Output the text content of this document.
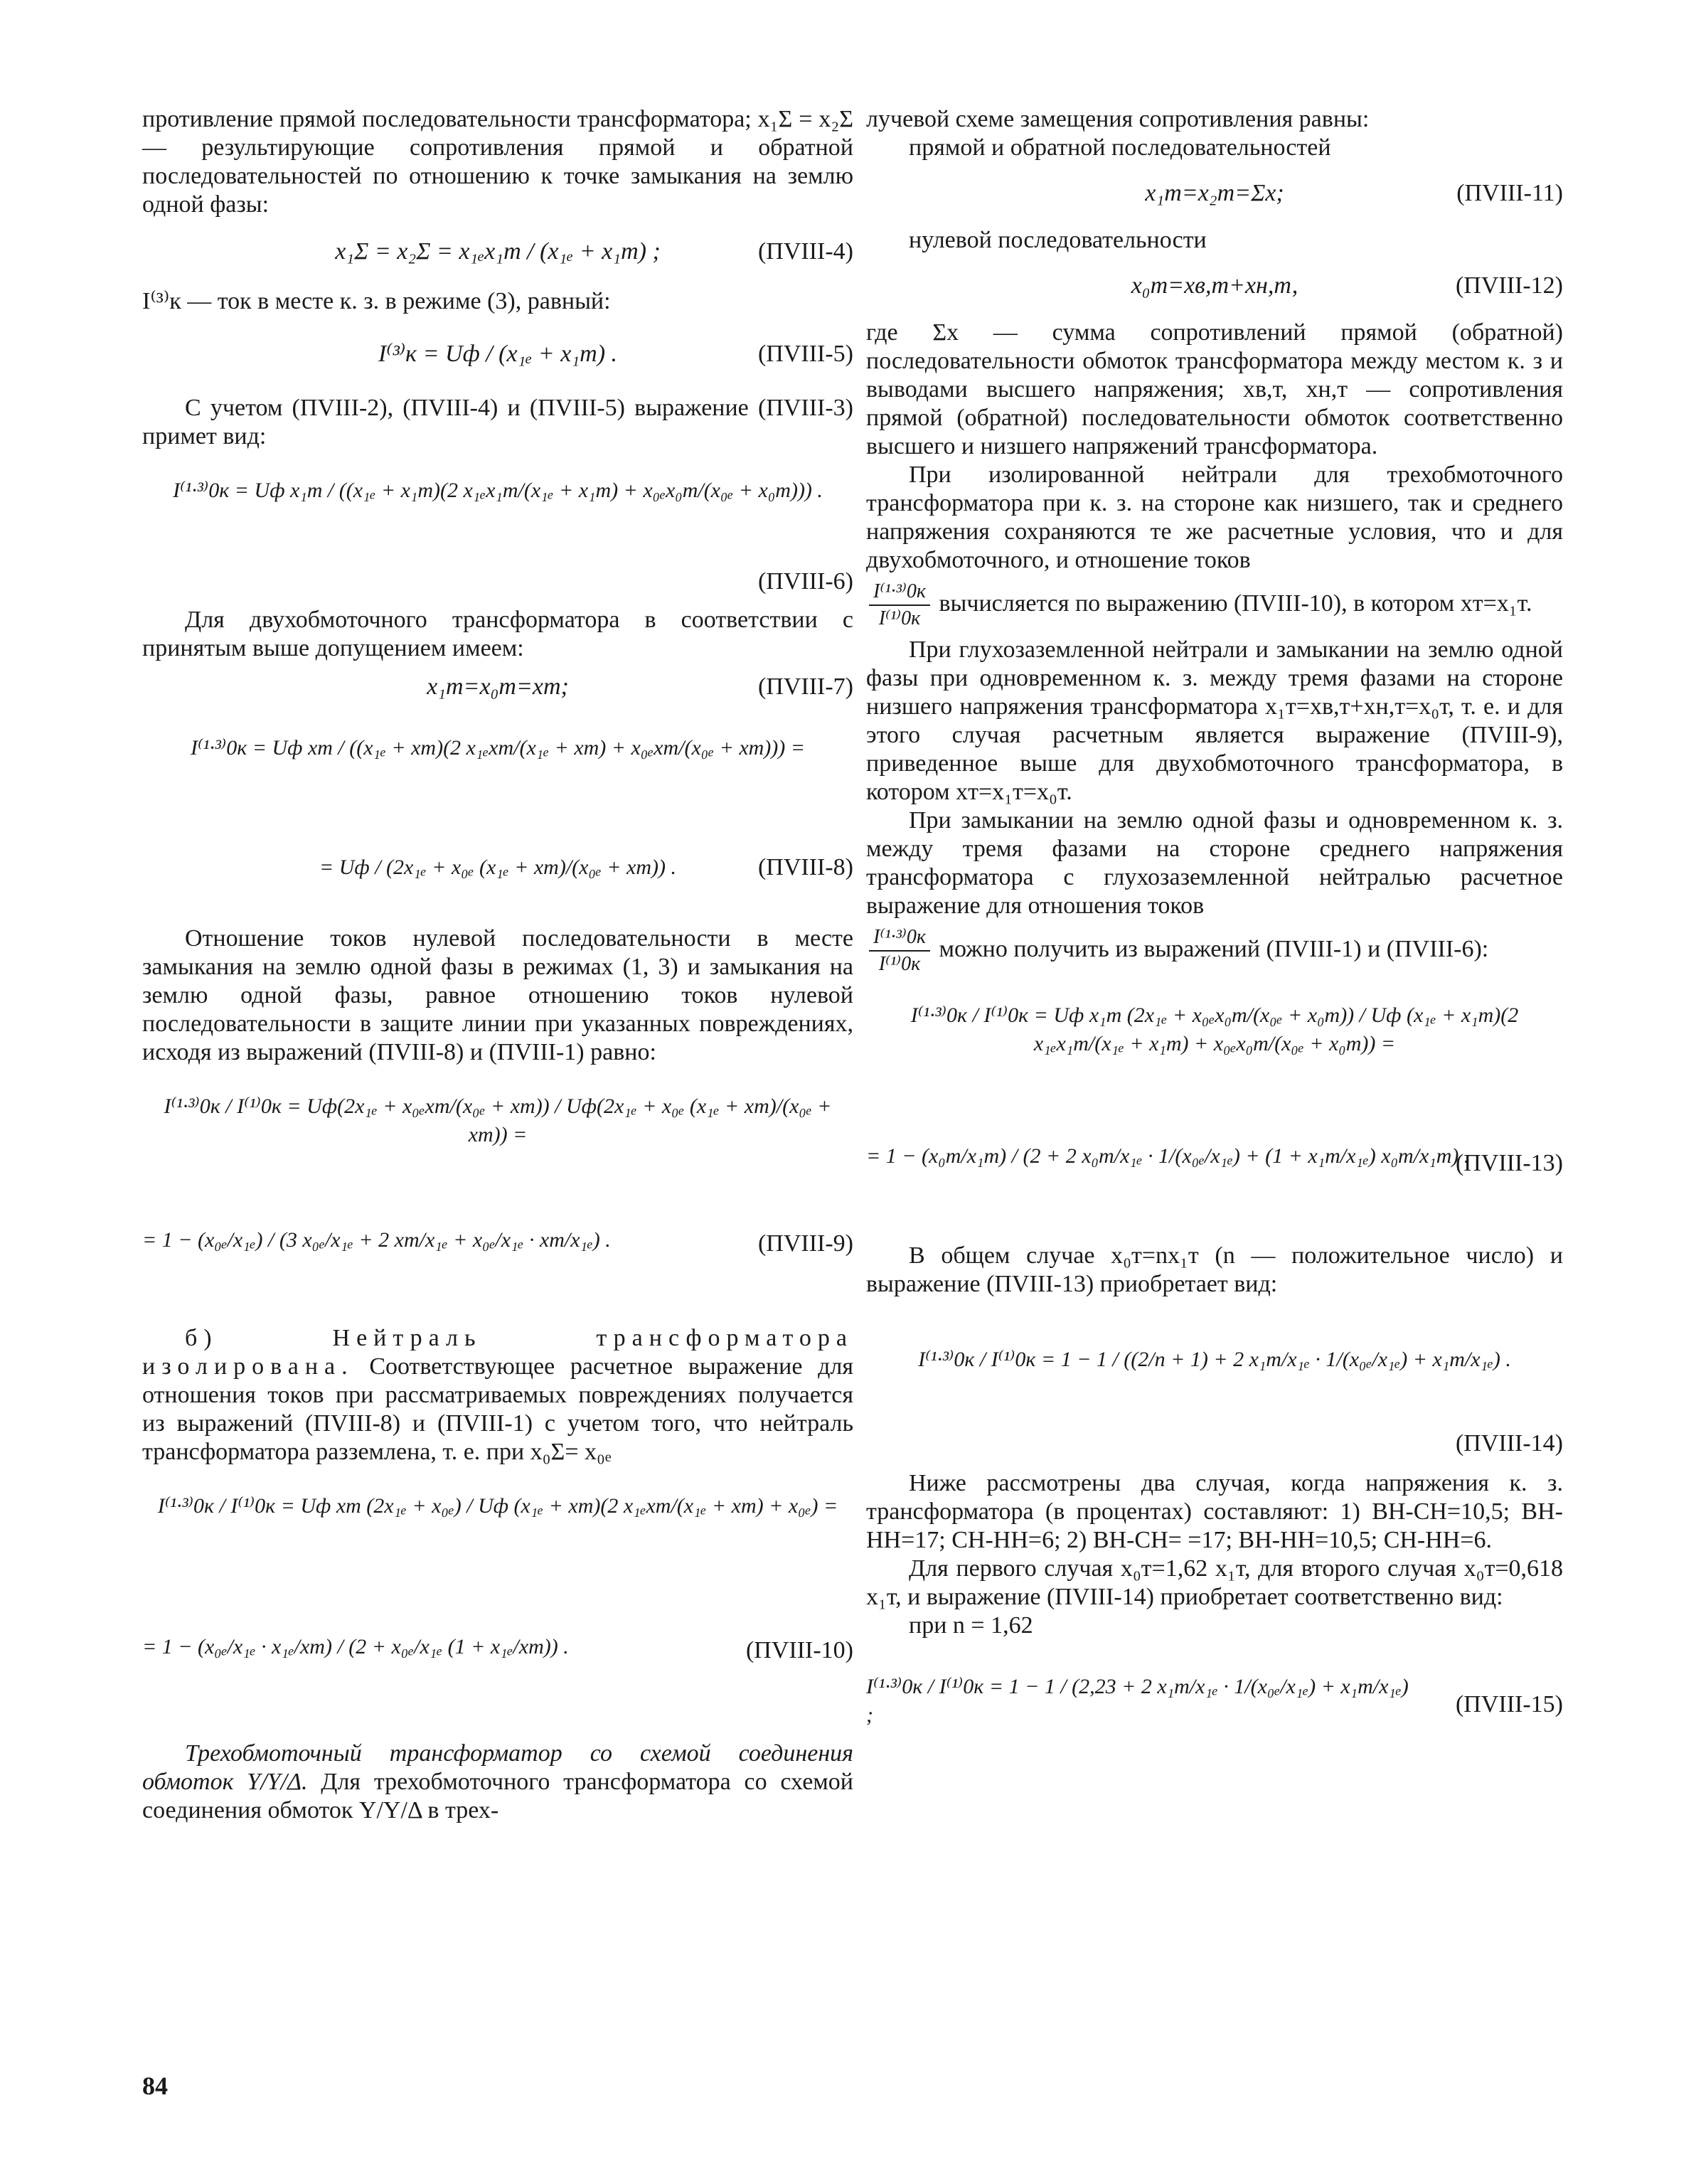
противление прямой последовательности трансформатора; x₁Σ = x₂Σ — результирующие сопротивления прямой и обратной последовательностей по отношению к точке замыкания на землю одной фазы:

x₁Σ = x₂Σ = x₁ₑx₁т / (x₁ₑ + x₁т) ;	(ПVIII-4)

I⁽³⁾к — ток в месте к. з. в режиме (3), равный:

I⁽³⁾к = Uф / (x₁ₑ + x₁т) .	(ПVIII-5)

С учетом (ПVIII-2), (ПVIII-4) и (ПVIII-5) выражение (ПVIII-3) примет вид:

I⁽¹·³⁾0к = Uф x₁т / ((x₁ₑ + x₁т)(2 x₁ₑx₁т/(x₁ₑ + x₁т) + x₀ₑx₀т/(x₀ₑ + x₀т))) .
(ПVIII-6)

Для двухобмоточного трансформатора в соответствии с принятым выше допущением имеем:

x₁т=x₀т=xт;	(ПVIII-7)
I⁽¹·³⁾0к = Uф xт / ((x₁ₑ + xт)(2 x₁ₑxт/(x₁ₑ + xт) + x₀ₑxт/(x₀ₑ + xт))) =
= Uф / (2x₁ₑ + x₀ₑ (x₁ₑ + xт)/(x₀ₑ + xт)) .	(ПVIII-8)

Отношение токов нулевой последовательности в месте замыкания на землю одной фазы в режимах (1, 3) и замыкания на землю одной фазы, равное отношению токов нулевой последовательности в защите линии при указанных повреждениях, исходя из выражений (ПVIII-8) и (ПVIII-1) равно:

I⁽¹·³⁾0к / I⁽¹⁾0к = Uф(2x₁ₑ + x₀ₑxт/(x₀ₑ + xт)) / Uф(2x₁ₑ + x₀ₑ (x₁ₑ + xт)/(x₀ₑ + xт)) =
= 1 − (x₀ₑ/x₁ₑ) / (3 x₀ₑ/x₁ₑ + 2 xт/x₁ₑ + x₀ₑ/x₁ₑ · xт/x₁ₑ) .	(ПVIII-9)

б) Нейтраль трансформатора изолирована. Соответствующее расчетное выражение для отношения токов при рассматриваемых повреждениях получается из выражений (ПVIII-8) и (ПVIII-1) с учетом того, что нейтраль трансформатора разземлена, т. е. при x₀Σ= x₀ₑ

I⁽¹·³⁾0к / I⁽¹⁾0к = Uф xт (2x₁ₑ + x₀ₑ) / Uф (x₁ₑ + xт)(2 x₁ₑxт/(x₁ₑ + xт) + x₀ₑ) =
= 1 − (x₀ₑ/x₁ₑ · x₁ₑ/xт) / (2 + x₀ₑ/x₁ₑ (1 + x₁ₑ/xт)) .	(ПVIII-10)

Трехобмоточный трансформатор со схемой соединения обмоток Y/Y/Δ. Для трехобмоточного трансформатора со схемой соединения обмоток Y/Y/Δ в трех-

лучевой схеме замещения сопротивления равны:

прямой и обратной последовательностей

x₁т=x₂т=Σx;	(ПVIII-11)

нулевой последовательности

x₀т=xв,т+xн,т,	(ПVIII-12)

где Σx — сумма сопротивлений прямой (обратной) последовательности обмоток трансформатора между местом к. з и выводами высшего напряжения; xв,т, xн,т — сопротивления прямой (обратной) последовательности обмоток соответственно высшего и низшего напряжений трансформатора.

При изолированной нейтрали для трехобмоточного трансформатора при к. з. на стороне как низшего, так и среднего напряжения сохраняются те же расчетные условия, что и для двухобмоточного, и отношение токов

$\frac{\text{I⁽¹·³⁾0к}}{\text{I⁽¹⁾0к}}$ вычисляется по выражению (ПVIII-10), в котором xт=x₁т.

При глухозаземленной нейтрали и замыкании на землю одной фазы при одновременном к. з. между тремя фазами на стороне низшего напряжения трансформатора x₁т=xв,т+xн,т=x₀т, т. е. и для этого случая расчетным является выражение (ПVIII-9), приведенное выше для двухобмоточного трансформатора, в котором xт=x₁т=x₀т.

При замыкании на землю одной фазы и одновременном к. з. между тремя фазами на стороне среднего напряжения трансформатора с глухозаземленной нейтралью расчетное выражение для отношения токов

$\frac{\text{I⁽¹·³⁾0к}}{\text{I⁽¹⁾0к}}$ можно получить из выражений (ПVIII-1) и (ПVIII-6):

I⁽¹·³⁾0к / I⁽¹⁾0к = Uф x₁т (2x₁ₑ + x₀ₑx₀т/(x₀ₑ + x₀т)) / Uф (x₁ₑ + x₁т)(2 x₁ₑx₁т/(x₁ₑ + x₁т) + x₀ₑx₀т/(x₀ₑ + x₀т)) =
= 1 − (x₀т/x₁т) / (2 + 2 x₀т/x₁ₑ · 1/(x₀ₑ/x₁ₑ) + (1 + x₁т/x₁ₑ) x₀т/x₁т) .
(ПVIII-13)

В общем случае x₀т=nx₁т (n — положительное число) и выражение (ПVIII-13) приобретает вид:

I⁽¹·³⁾0к / I⁽¹⁾0к = 1 − 1 / ((2/n + 1) + 2 x₁т/x₁ₑ · 1/(x₀ₑ/x₁ₑ) + x₁т/x₁ₑ) .
(ПVIII-14)

Ниже рассмотрены два случая, когда напряжения к. з. трансформатора (в процентах) составляют: 1) ВН-СН=10,5; ВН-НН=17; СН-НН=6; 2) ВН-СН= =17; ВН-НН=10,5; СН-НН=6.

Для первого случая x₀т=1,62 x₁т, для второго случая x₀т=0,618 x₁т, и выражение (ПVIII-14) приобретает соответственно вид:

при n = 1,62

I⁽¹·³⁾0к / I⁽¹⁾0к = 1 − 1 / (2,23 + 2 x₁т/x₁ₑ · 1/(x₀ₑ/x₁ₑ) + x₁т/x₁ₑ) ;	(ПVIII-15)
84
